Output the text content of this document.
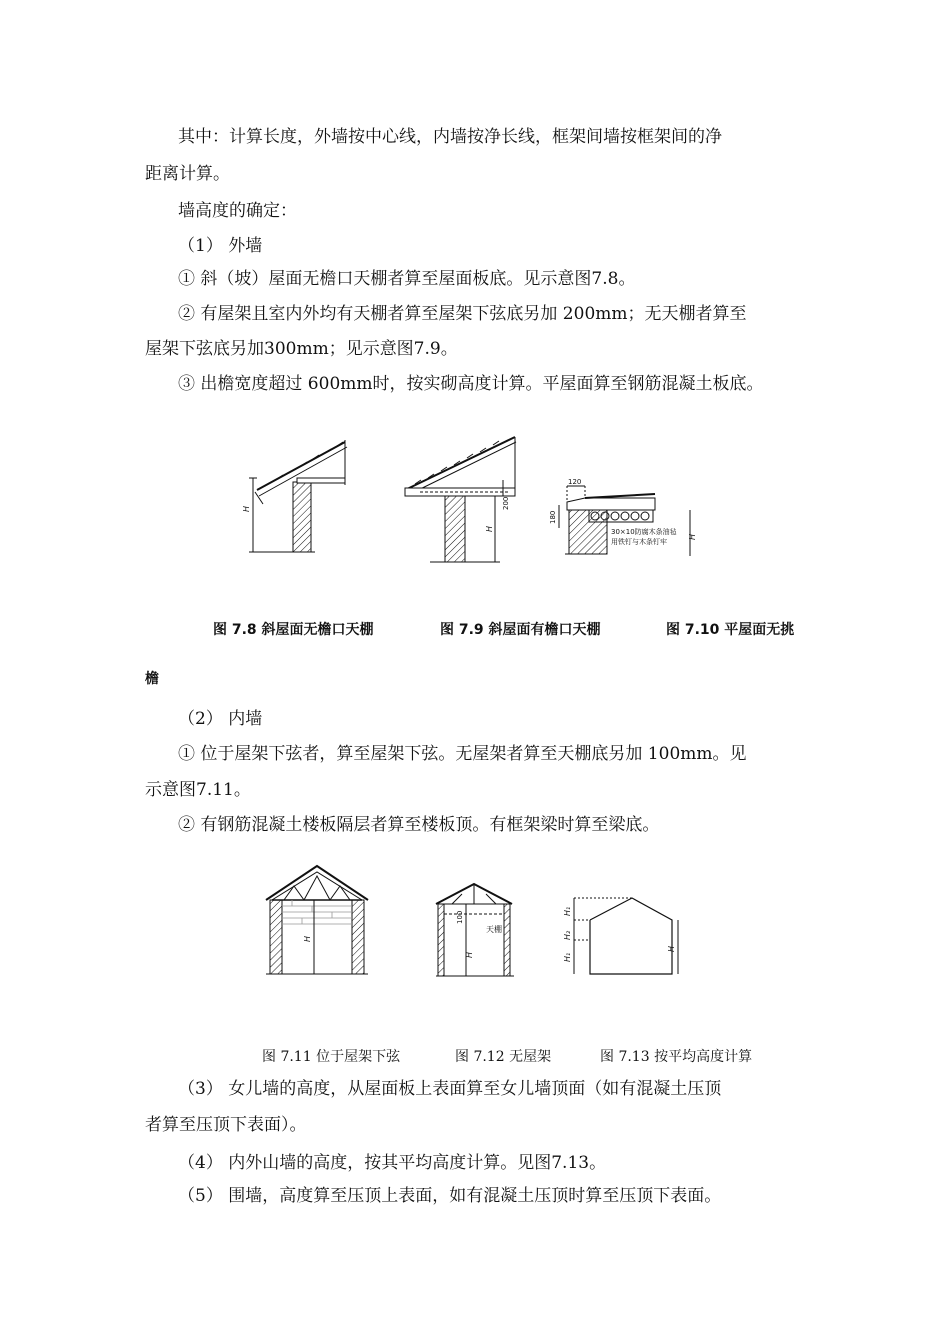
其中：计算长度，外墙按中心线，内墙按净长线，框架间墙按框架间的净
距离计算。
墙高度的确定：
（1） 外墙
① 斜（坡）屋面无檐口天棚者算至屋面板底。见示意图7.8。
② 有屋架且室内外均有天棚者算至屋架下弦底另加 200mm；无天棚者算至
屋架下弦底另加300mm；见示意图7.9。
③ 出檐宽度超过 600mm时，按实砌高度计算。平屋面算至钢筋混凝土板底。
H
H
200
120
180
30×10防腐木条油毡
用铁钉与木条钉牢
H
图 7.8 斜屋面无檐口天棚	图 7.9 斜屋面有檐口天棚	图 7.10 平屋面无挑
檐
（2） 内墙
① 位于屋架下弦者，算至屋架下弦。无屋架者算至天棚底另加 100mm。见
示意图7.11。
② 有钢筋混凝土楼板隔层者算至楼板顶。有框架梁时算至梁底。
H
100
H
天棚
H₁
H₂
H₁
H
图 7.11 位于屋架下弦	图 7.12 无屋架	图 7.13 按平均高度计算
（3） 女儿墙的高度，从屋面板上表面算至女儿墙顶面（如有混凝土压顶
者算至压顶下表面）。
（4） 内外山墙的高度，按其平均高度计算。见图7.13。
（5） 围墙，高度算至压顶上表面，如有混凝土压顶时算至压顶下表面。
